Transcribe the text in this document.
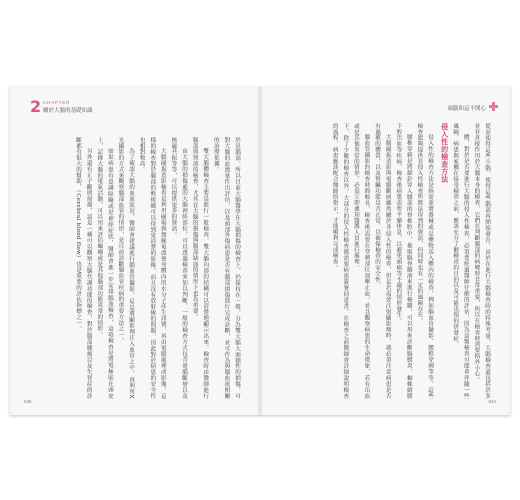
2 CHAPTER
關於大腦的基礎知識

於是腦部，所以目前大腦醫學在大腦損傷的檢查上，仍保持在一般，分為雙大腦大面積性的損傷，可對大腦的血流量作出評估，以及頭部外傷病患是否有腦部損傷進行完成診斷，並可作為與腦血流相關的治療依據。

雙大腦體檢查主要是進行一般檢查，雙大腦內部的結構可以清楚地顯示出來，檢查時由醫師進行腦部與頸部的檢查，尤其在大腦的損傷與腦部缺血的情形下更為重要。

由大腦的損傷處的大腦神經部位，可以透過檢查來加以判斷，一般的檢查方式包含電腦斷層以及核磁共振等等，可以提供更多的資訊。

大腦磁振造影檢查是利用磁場與無線電波使身體內的水分子產生訊號，再由電腦處理成影像，這樣的檢查對於腦部的軟組織可以得到更清楚的影像，而且沒有放射線的問題，因此對於病患的安全性也相對較高。

為了確認大腦的血流狀況，醫師會建議進行腦血管攝影，這是將顯影劑注入血管之中，再利用X光攝影的方式來觀察腦部血管的情形，是目前診斷腦血管疾病的重要方法之一。

如果病患有意識障礙或是神經症狀，醫師會進一步安排腦波檢查，這項檢查是將電極貼在頭皮上，記錄大腦的電氣活動，可以用來評估癲癇或是其他腦部功能異常的情形。

另外還有正子斷層掃描，這是一種可以觀察大腦代謝功能的檢查，對於腦部腫瘤以及失智症的診斷都有很大的幫助，（Cerebral blood flow）也是重要的評估指標之一。

045
頭腦和這不開心

從而使得這些小腦，使得這些腦部再開始發育。由於在進行大腦檢查時的特殊考量，大腦檢查還包括許多並非直接作用於大腦本身的檢查，它們在判斷腦部的病變時非常重要，所以在檢查時需要格外小心。

體，對於是否要進行大腦的侵入性檢查，必須要經過醫師仔細的評估，因為這類檢查可能會伴隨一些風險，病患與家屬在接受檢查之前，應該充分了解檢查的目的以及可能出現的併發症。

侵入性的檢查方法

侵入性的檢查方法是指需要將器械或是藥物送入體內的檢查，例如腦血管攝影、腰椎穿刺等等，這些檢查能夠提供非侵入性檢查所無法得到的資訊，但同時也有一定的風險存在。

腰椎穿刺是將細針穿入腰部的脊椎腔中，抽取腦脊髓液來進行檢驗，可以用來診斷腦膜炎、蜘蛛網膜下腔出血等疾病，檢查後病患需要平躺休息，以避免頭痛等不適的情形發生。

大腦磁振造影與電腦斷層雖然屬於非侵入性的檢查，但是若需要注射顯影劑時，就必須注意病患是否有過敏的體質，以及腎臟功能是否正常，以確保檢查的安全性。

腦血管攝影的檢查時間較長，檢查後需要在穿刺部位加壓止血，並且觀察病患的生命徵象，若有出血或是其他異常的情形，必須立即通知醫護人員進行處理。

下，除了少數的檢查以外，大部分的侵入性檢查都需要病患簽署同意書，在檢查之前醫師會詳細說明檢查的流程，病患應該配合醫師的指示，才能順利完成檢查。

044
